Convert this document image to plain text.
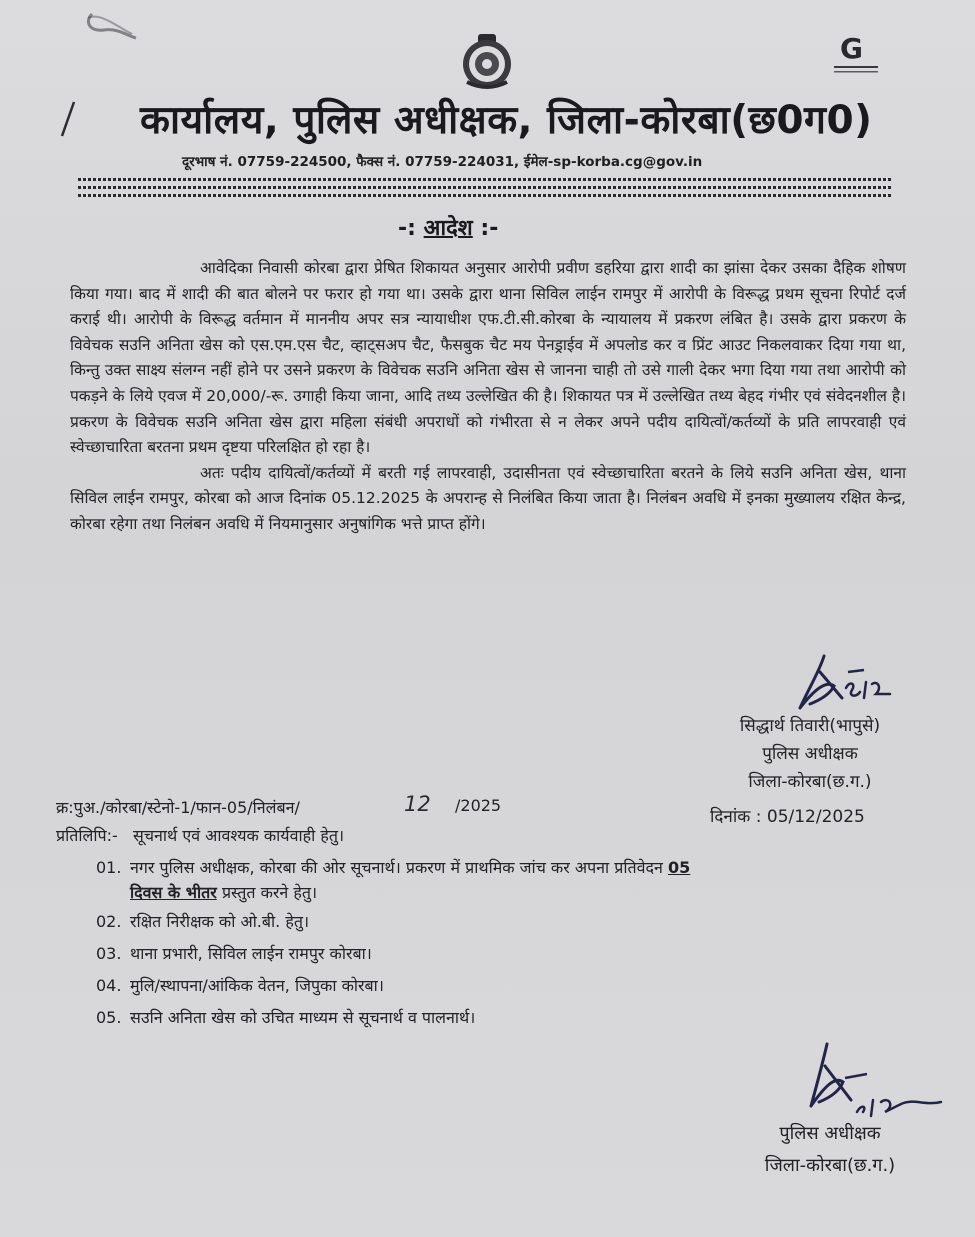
G
कार्यालय, पुलिस अधीक्षक, जिला-कोरबा(छ0ग0)
दूरभाष नं. 07759-224500, फैक्स नं. 07759-224031, ईमेल-sp-korba.cg@gov.in
-: आदेश :-

आवेदिका निवासी कोरबा द्वारा प्रेषित शिकायत अनुसार आरोपी प्रवीण डहरिया द्वारा शादी का झांसा देकर उसका दैहिक शोषण किया गया। बाद में शादी की बात बोलने पर फरार हो गया था। उसके द्वारा थाना सिविल लाईन रामपुर में आरोपी के विरूद्ध प्रथम सूचना रिपोर्ट दर्ज कराई थी। आरोपी के विरूद्ध वर्तमान में माननीय अपर सत्र न्यायाधीश एफ.टी.सी.कोरबा के न्यायालय में प्रकरण लंबित है। उसके द्वारा प्रकरण के विवेचक सउनि अनिता खेस को एस.एम.एस चैट, व्हाट्सअप चैट, फैसबुक चैट मय पेनड्राईव में अपलोड कर व प्रिंट आउट निकलवाकर दिया गया था, किन्तु उक्त साक्ष्य संलग्न नहीं होने पर उसने प्रकरण के विवेचक सउनि अनिता खेस से जानना चाही तो उसे गाली देकर भगा दिया गया तथा आरोपी को पकड़ने के लिये एवज में 20,000/-रू. उगाही किया जाना, आदि तथ्य उल्लेखित की है। शिकायत पत्र में उल्लेखित तथ्य बेहद गंभीर एवं संवेदनशील है। प्रकरण के विवेचक सउनि अनिता खेस द्वारा महिला संबंधी अपराधों को गंभीरता से न लेकर अपने पदीय दायित्वों/कर्तव्यों के प्रति लापरवाही एवं स्वेच्छाचारिता बरतना प्रथम दृष्टया परिलक्षित हो रहा है।

अतः पदीय दायित्वों/कर्तव्यों में बरती गई लापरवाही, उदासीनता एवं स्वेच्छाचारिता बरतने के लिये सउनि अनिता खेस, थाना सिविल लाईन रामपुर, कोरबा को आज दिनांक 05.12.2025 के अपरान्ह से निलंबित किया जाता है। निलंबन अवधि में इनका मुख्यालय रक्षित केन्द्र, कोरबा रहेगा तथा निलंबन अवधि में नियमानुसार अनुषांगिक भत्ते प्राप्त होंगे।

सिद्धार्थ तिवारी(भापुसे)
पुलिस अधीक्षक
जिला-कोरबा(छ.ग.)
क्र:पुअ./कोरबा/स्टेनो-1/फान-05/निलंबन/	12 /2025
दिनांक : 05/12/2025
प्रतिलिपि:- सूचनार्थ एवं आवश्यक कार्यवाही हेतु।
01. नगर पुलिस अधीक्षक, कोरबा की ओर सूचनार्थ। प्रकरण में प्राथमिक जांच कर अपना प्रतिवेदन 05
दिवस के भीतर प्रस्तुत करने हेतु।
02. रक्षित निरीक्षक को ओ.बी. हेतु।
03. थाना प्रभारी, सिविल लाईन रामपुर कोरबा।
04. मुलि/स्थापना/आंकिक वेतन, जिपुका कोरबा।
05. सउनि अनिता खेस को उचित माध्यम से सूचनार्थ व पालनार्थ।
पुलिस अधीक्षक
जिला-कोरबा(छ.ग.)
